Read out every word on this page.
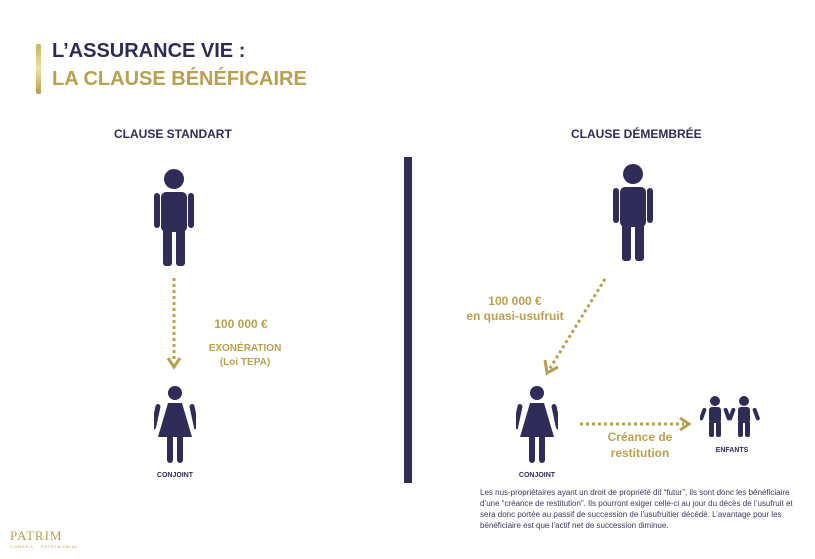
L’ASSURANCE VIE :
LA CLAUSE BÉNÉFICAIRE
CLAUSE STANDART	CLAUSE DÉMEMBRÉE
100 000 €
EXONÉRATION
(Loi TEPA)
CONJOINT
100 000 €
en quasi-usufruit
CONJOINT
Créance de
restitution	ENFANTS
Les nus-propriétaires ayant un droit de propriété dit “futur”, ils sont donc les bénéficiaire d’une “créance de restitution”. Ils pourront exiger celle-ci au jour du décès de l’usufruit et sera donc portée au passif de succession de l’usufruitier décédé. L’avantage pour les bénéficiaire est que l’actif net de succession diminue.
PATRIM
CONSEIL · PATRIMONIAL
